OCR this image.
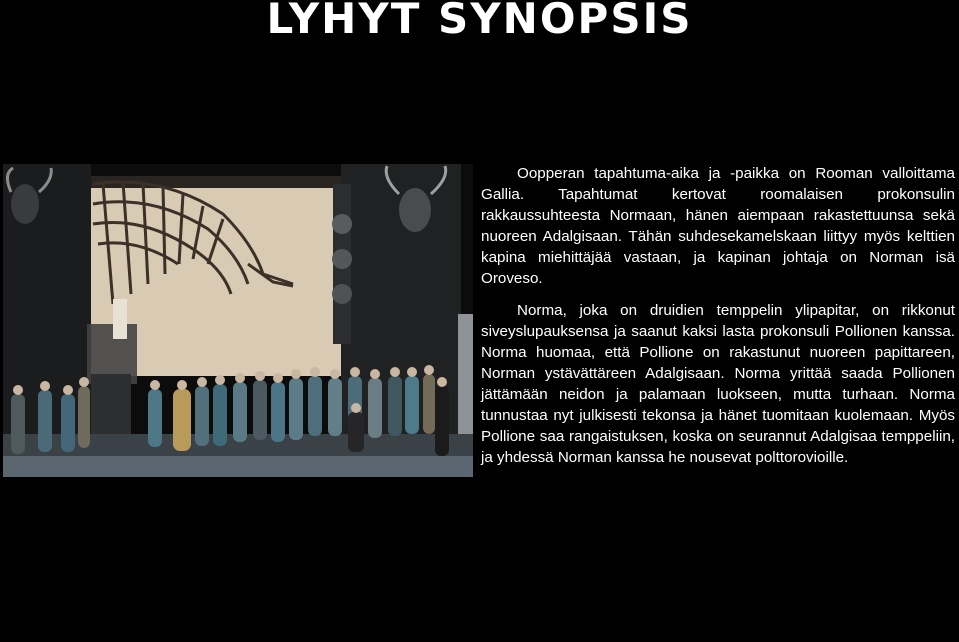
LYHYT SYNOPSIS

Oopperan tapahtuma-aika ja -paikka on Rooman valloittama Gallia. Tapahtumat kertovat roomalaisen prokonsulin rakkaussuhteesta Normaan, hänen aiempaan rakastettuunsa sekä nuoreen Adalgisaan. Tähän suhdesekamelskaan liittyy myös kelttien kapina miehittäjää vastaan, ja kapinan johtaja on Norman isä Oroveso.

Norma, joka on druidien temppelin ylipapitar, on rikkonut siveyslupauksensa ja saanut kaksi lasta prokonsuli Pollionen kanssa. Norma huomaa, että Pollione on rakastunut nuoreen papittareen, Norman ystävättäreen Adalgisaan. Norma yrittää saada Pollionen jättämään neidon ja palamaan luokseen, mutta turhaan. Norma tunnustaa nyt julkisesti tekonsa ja hänet tuomitaan kuolemaan. Myös Pollione saa rangaistuksen, koska on seurannut Adalgisaa temppeliin, ja yhdessä Norman kanssa he nousevat polttorovioille.
